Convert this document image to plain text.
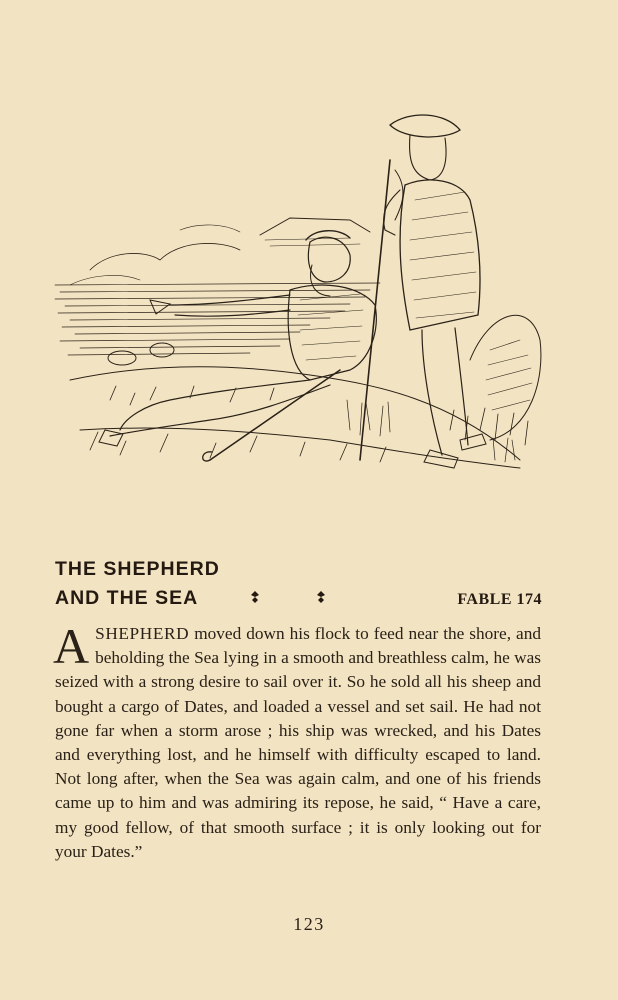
THE SHEPHERD
AND THE SEA	FABLE 174
ASHEPHERD moved down his flock to feed near the shore, and beholding the Sea lying in a smooth and breathless calm, he was seized with a strong desire to sail over it. So he sold all his sheep and bought a cargo of Dates, and loaded a vessel and set sail. He had not gone far when a storm arose ; his ship was wrecked, and his Dates and everything lost, and he himself with difficulty escaped to land. Not long after, when the Sea was again calm, and one of his friends came up to him and was admiring its repose, he said, “ Have a care, my good fellow, of that smooth surface ; it is only looking out for your Dates.”
123
